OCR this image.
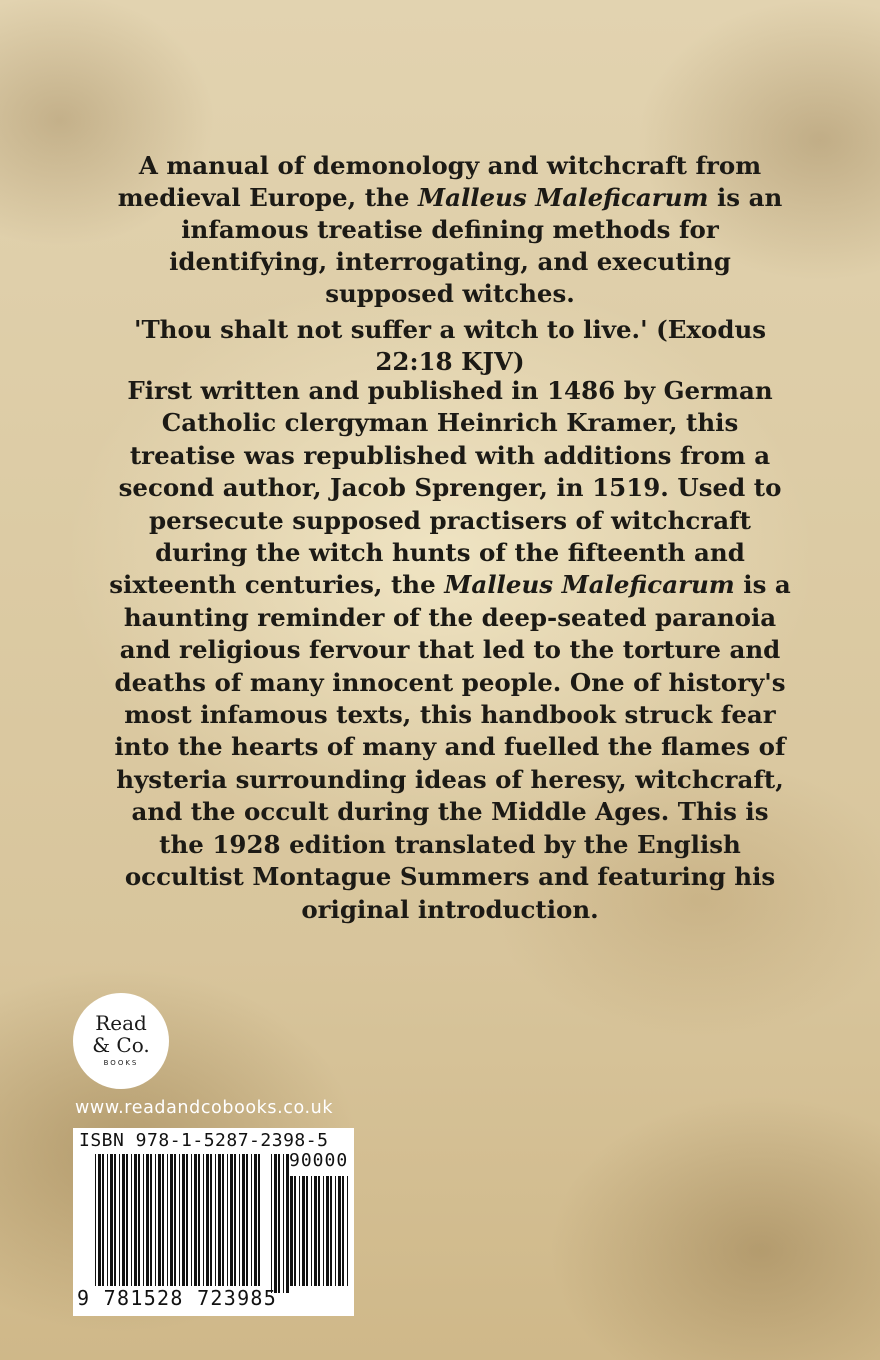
A manual of demonology and witchcraft from medieval Europe, the Malleus Maleficarum is an infamous treatise defining methods for identifying, interrogating, and executing supposed witches.

'Thou shalt not suffer a witch to live.' (Exodus 22:18 KJV)

First written and published in 1486 by German Catholic clergyman Heinrich Kramer, this treatise was republished with additions from a second author, Jacob Sprenger, in 1519. Used to persecute supposed practisers of witchcraft during the witch hunts of the fifteenth and sixteenth centuries, the Malleus Maleficarum is a haunting reminder of the deep-seated paranoia and religious fervour that led to the torture and deaths of many innocent people. One of history's most infamous texts, this handbook struck fear into the hearts of many and fuelled the flames of hysteria surrounding ideas of heresy, witchcraft, and the occult during the Middle Ages. This is the 1928 edition translated by the English occultist Montague Summers and featuring his original introduction.

Read
& Co.
BOOKS
www.readandcobooks.co.uk
ISBN 978-1-5287-2398-5
90000
9 781528 723985
